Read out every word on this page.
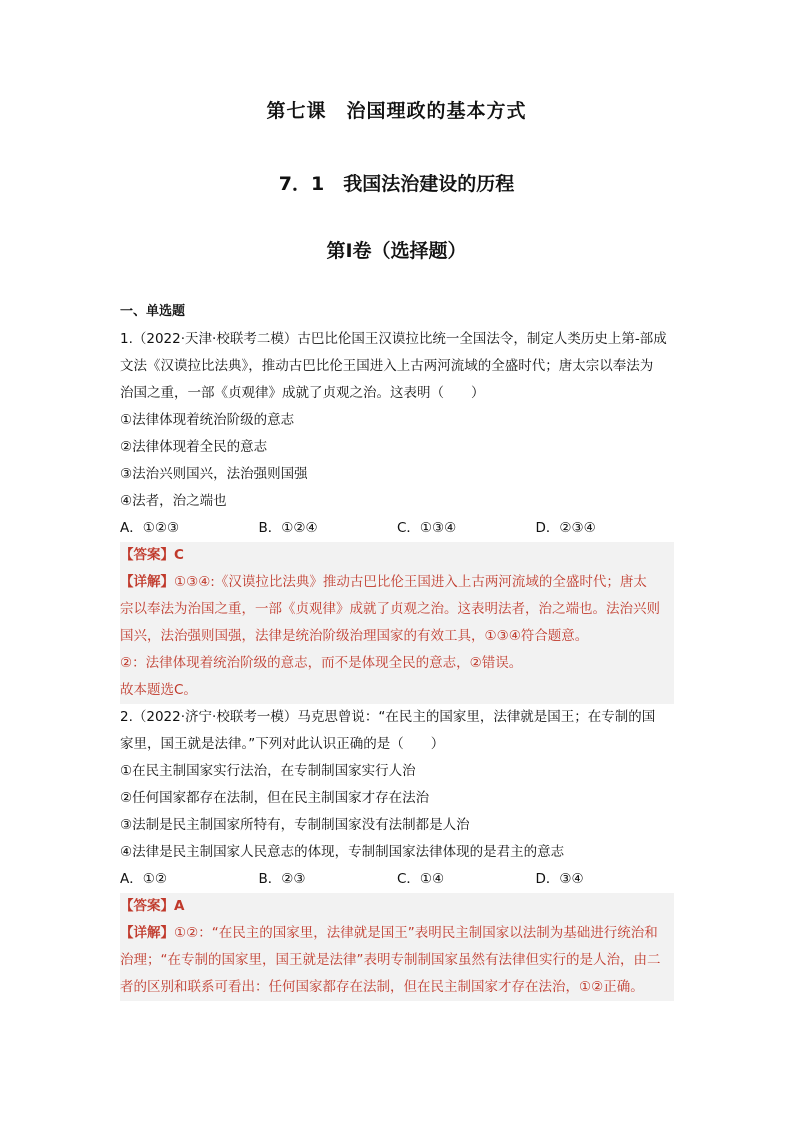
第七课　治国理政的基本方式
7．1　我国法治建设的历程
第Ⅰ卷（选择题）
一、单选题
1.（2022·天津·校联考二模）古巴比伦国王汉谟拉比统一全国法令，制定人类历史上第-部成
文法《汉谟拉比法典》，推动古巴比伦王国进入上古两河流域的全盛时代；唐太宗以奉法为
治国之重，一部《贞观律》成就了贞观之治。这表明（　　）
①法律体现着统治阶级的意志
②法律体现着全民的意志
③法治兴则国兴，法治强则国强
④法者，治之端也
A．①②③	B．①②④	C．①③④	D．②③④
【答案】C
【详解】①③④:《汉谟拉比法典》推动古巴比伦王国进入上古两河流域的全盛时代；唐太
宗以奉法为治国之重，一部《贞观律》成就了贞观之治。这表明法者，治之端也。法治兴则
国兴，法治强则国强，法律是统治阶级治理国家的有效工具，①③④符合题意。
②：法律体现着统治阶级的意志，而不是体现全民的意志，②错误。
故本题选C。
2.（2022·济宁·校联考一模）马克思曾说：“在民主的国家里，法律就是国王；在专制的国
家里，国王就是法律。”下列对此认识正确的是（　　）
①在民主制国家实行法治，在专制制国家实行人治
②任何国家都存在法制，但在民主制国家才存在法治
③法制是民主制国家所特有，专制制国家没有法制都是人治
④法律是民主制国家人民意志的体现，专制制国家法律体现的是君主的意志
A．①②	B．②③	C．①④	D．③④
【答案】A
【详解】①②：“在民主的国家里，法律就是国王”表明民主制国家以法制为基础进行统治和
治理；“在专制的国家里，国王就是法律”表明专制制国家虽然有法律但实行的是人治，由二
者的区别和联系可看出：任何国家都存在法制，但在民主制国家才存在法治，①②正确。
